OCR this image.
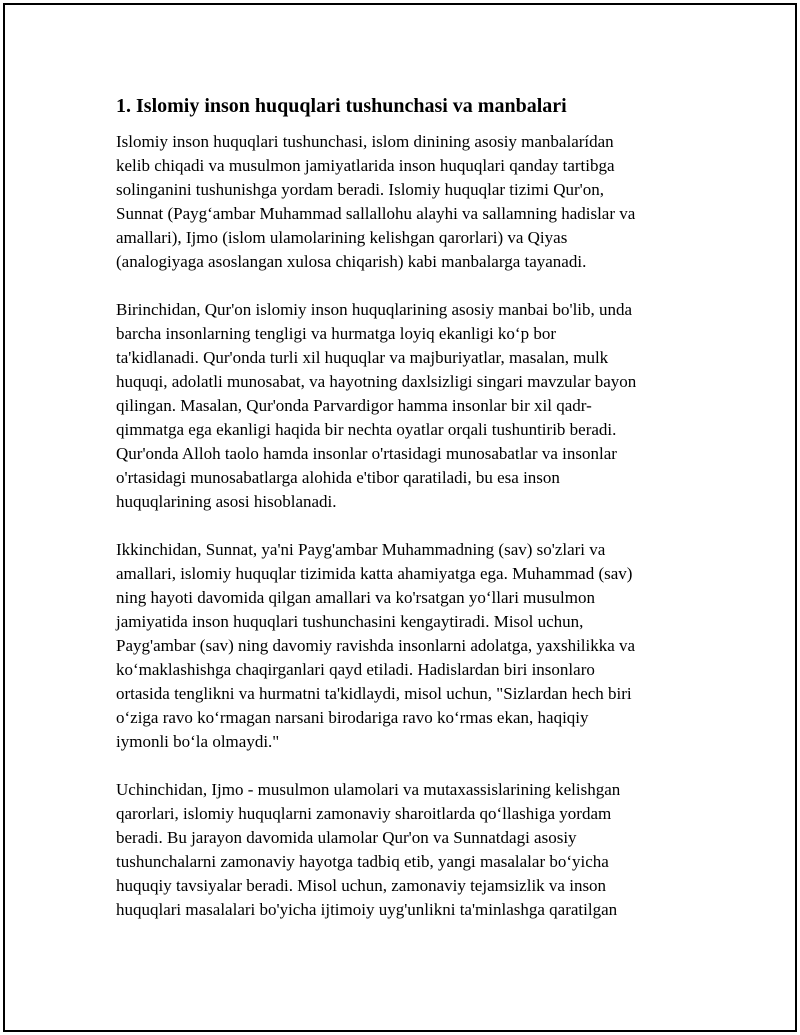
1. Islomiy inson huquqlari tushunchasi va manbalari
Islomiy inson huquqlari tushunchasi, islom dinining asosiy manbalarídan
kelib chiqadi va musulmon jamiyatlarida inson huquqlari qanday tartibga
solinganini tushunishga yordam beradi. Islomiy huquqlar tizimi Qur'on,
Sunnat (Paygʻambar Muhammad sallallohu alayhi va sallamning hadislar va
amallari), Ijmo (islom ulamolarining kelishgan qarorlari) va Qiyas
(analogiyaga asoslangan xulosa chiqarish) kabi manbalarga tayanadi.
Birinchidan, Qur'on islomiy inson huquqlarining asosiy manbai bo'lib, unda
barcha insonlarning tengligi va hurmatga loyiq ekanligi koʻp bor
ta'kidlanadi. Qur'onda turli xil huquqlar va majburiyatlar, masalan, mulk
huquqi, adolatli munosabat, va hayotning daxlsizligi singari mavzular bayon
qilingan. Masalan, Qur'onda Parvardigor hamma insonlar bir xil qadr-
qimmatga ega ekanligi haqida bir nechta oyatlar orqali tushuntirib beradi.
Qur'onda Alloh taolo hamda insonlar o'rtasidagi munosabatlar va insonlar
o'rtasidagi munosabatlarga alohida e'tibor qaratiladi, bu esa inson
huquqlarining asosi hisoblanadi.
Ikkinchidan, Sunnat, ya'ni Payg'ambar Muhammadning (sav) so'zlari va
amallari, islomiy huquqlar tizimida katta ahamiyatga ega. Muhammad (sav)
ning hayoti davomida qilgan amallari va ko'rsatgan yoʻllari musulmon
jamiyatida inson huquqlari tushunchasini kengaytiradi. Misol uchun,
Payg'ambar (sav) ning davomiy ravishda insonlarni adolatga, yaxshilikka va
koʻmaklashishga chaqirganlari qayd etiladi. Hadislardan biri insonlaro
ortasida tenglikni va hurmatni ta'kidlaydi, misol uchun, "Sizlardan hech biri
oʻziga ravo koʻrmagan narsani birodariga ravo koʻrmas ekan, haqiqiy
iymonli boʻla olmaydi."
Uchinchidan, Ijmo - musulmon ulamolari va mutaxassislarining kelishgan
qarorlari, islomiy huquqlarni zamonaviy sharoitlarda qoʻllashiga yordam
beradi. Bu jarayon davomida ulamolar Qur'on va Sunnatdagi asosiy
tushunchalarni zamonaviy hayotga tadbiq etib, yangi masalalar boʻyicha
huquqiy tavsiyalar beradi. Misol uchun, zamonaviy tejamsizlik va inson
huquqlari masalalari bo'yicha ijtimoiy uyg'unlikni ta'minlashga qaratilgan
